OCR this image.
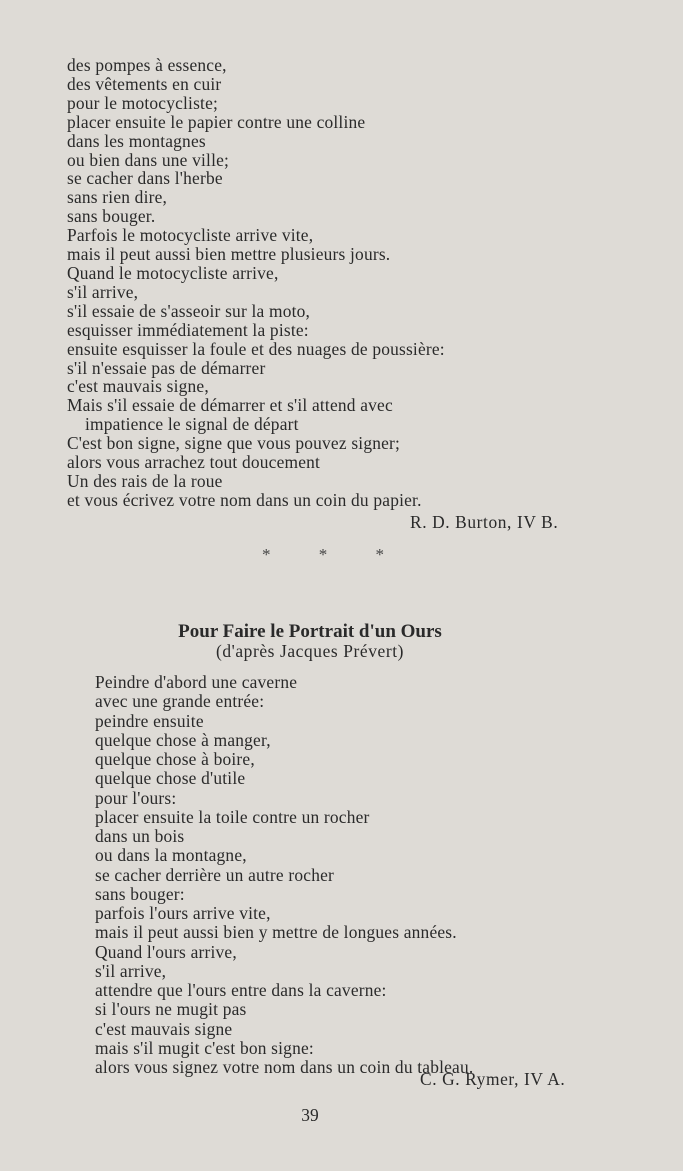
des pompes à essence,
des vêtements en cuir
pour le motocycliste;
placer ensuite le papier contre une colline
dans les montagnes
ou bien dans une ville;
se cacher dans l'herbe
sans rien dire,
sans bouger.
Parfois le motocycliste arrive vite,
mais il peut aussi bien mettre plusieurs jours.
Quand le motocycliste arrive,
s'il arrive,
s'il essaie de s'asseoir sur la moto,
esquisser immédiatement la piste:
ensuite esquisser la foule et des nuages de poussière:
s'il n'essaie pas de démarrer
c'est mauvais signe,
Mais s'il essaie de démarrer et s'il attend avec
impatience le signal de départ
C'est bon signe, signe que vous pouvez signer;
alors vous arrachez tout doucement
Un des rais de la roue
et vous écrivez votre nom dans un coin du papier.
R. D. Burton, IV B.
* * *
Pour Faire le Portrait d'un Ours
(d'après Jacques Prévert)
Peindre d'abord une caverne
avec une grande entrée:
peindre ensuite
quelque chose à manger,
quelque chose à boire,
quelque chose d'utile
pour l'ours:
placer ensuite la toile contre un rocher
dans un bois
ou dans la montagne,
se cacher derrière un autre rocher
sans bouger:
parfois l'ours arrive vite,
mais il peut aussi bien y mettre de longues années.
Quand l'ours arrive,
s'il arrive,
attendre que l'ours entre dans la caverne:
si l'ours ne mugit pas
c'est mauvais signe
mais s'il mugit c'est bon signe:
alors vous signez votre nom dans un coin du tableau.
C. G. Rymer, IV A.
39
